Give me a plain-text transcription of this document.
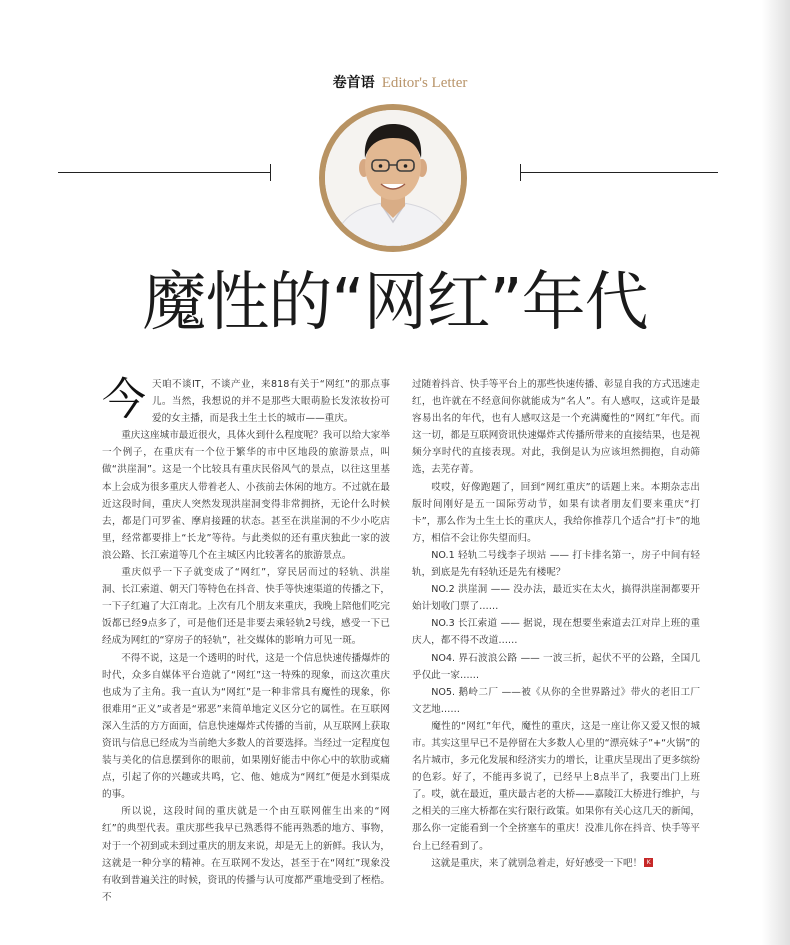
卷首语 Editor's Letter
魔性的“网红”年代

今天咱不谈IT，不谈产业，来818有关于“网红”的那点事儿。当然，我想说的并不是那些大眼萌脸长发浓妆扮可爱的女主播，而是我土生土长的城市——重庆。

重庆这座城市最近很火，具体火到什么程度呢？我可以给大家举一个例子，在重庆有一个位于繁华的市中区地段的旅游景点，叫做“洪崖洞”。这是一个比较具有重庆民俗风气的景点，以往这里基本上会成为很多重庆人带着老人、小孩前去休闲的地方。不过就在最近这段时间，重庆人突然发现洪崖洞变得非常拥挤，无论什么时候去，都是门可罗雀、摩肩接踵的状态。甚至在洪崖洞的不少小吃店里，经常都要排上“长龙”等待。与此类似的还有重庆独此一家的波浪公路、长江索道等几个在主城区内比较著名的旅游景点。

重庆似乎一下子就变成了“网红”，穿民居而过的轻轨、洪崖洞、长江索道、朝天门等特色在抖音、快手等快速渠道的传播之下，一下子红遍了大江南北。上次有几个朋友来重庆，我晚上陪他们吃完饭都已经9点多了，可是他们还是非要去乘轻轨2号线，感受一下已经成为网红的“穿房子的轻轨”，社交媒体的影响力可见一斑。

不得不说，这是一个透明的时代，这是一个信息快速传播爆炸的时代，众多自媒体平台造就了“网红”这一特殊的现象，而这次重庆也成为了主角。我一直认为“网红”是一种非常具有魔性的现象，你很难用“正义”或者是“邪恶”来简单地定义区分它的属性。在互联网深入生活的方方面面，信息快速爆炸式传播的当前，从互联网上获取资讯与信息已经成为当前绝大多数人的首要选择。当经过一定程度包装与美化的信息摆到你的眼前，如果刚好能击中你心中的软肋或痛点，引起了你的兴趣或共鸣，它、他、她成为“网红”便是水到渠成的事。

所以说，这段时间的重庆就是一个由互联网催生出来的“网红”的典型代表。重庆那些我早已熟悉得不能再熟悉的地方、事物，对于一个初到或未到过重庆的朋友来说，却是无上的新鲜。我认为，这就是一种分享的精神。在互联网不发达，甚至于在“网红”现象没有收到普遍关注的时候，资讯的传播与认可度都严重地受到了桎梏。不

过随着抖音、快手等平台上的那些快速传播、彰显自我的方式迅速走红，也许就在不经意间你就能成为“名人”。有人感叹，这或许是最容易出名的年代，也有人感叹这是一个充满魔性的“网红”年代。而这一切，都是互联网资讯快速爆炸式传播所带来的直接结果，也是视频分享时代的直接表现。对此，我倒是认为应该坦然拥抱，自动筛选，去芜存菁。

哎哎，好像跑题了，回到“网红重庆”的话题上来。本期杂志出版时间刚好是五一国际劳动节，如果有读者朋友们要来重庆“打卡”，那么作为土生土长的重庆人，我给你推荐几个适合“打卡”的地方，相信不会让你失望而归。

NO.1 轻轨二号线李子坝站 —— 打卡排名第一，房子中间有轻轨，到底是先有轻轨还是先有楼呢？

NO.2 洪崖洞 —— 没办法，最近实在太火，搞得洪崖洞都要开始计划收门票了……

NO.3 长江索道 —— 据说，现在想要坐索道去江对岸上班的重庆人，都不得不改道……

NO4. 界石波浪公路 —— 一波三折，起伏不平的公路，全国几乎仅此一家……

NO5. 鹅岭二厂 ——被《从你的全世界路过》带火的老旧工厂文艺地……

魔性的“网红”年代，魔性的重庆，这是一座让你又爱又恨的城市。其实这里早已不是停留在大多数人心里的“漂亮妹子”+“火锅”的名片城市，多元化发展和经济实力的增长，让重庆呈现出了更多缤纷的色彩。好了，不能再多说了，已经早上8点半了，我要出门上班了。哎，就在最近，重庆最古老的大桥——嘉陵江大桥进行维护，与之相关的三座大桥都在实行限行政策。如果你有关心这几天的新闻，那么你一定能看到一个全挤塞车的重庆！没准儿你在抖音、快手等平台上已经看到了。

这就是重庆，来了就别急着走，好好感受一下吧！ K
